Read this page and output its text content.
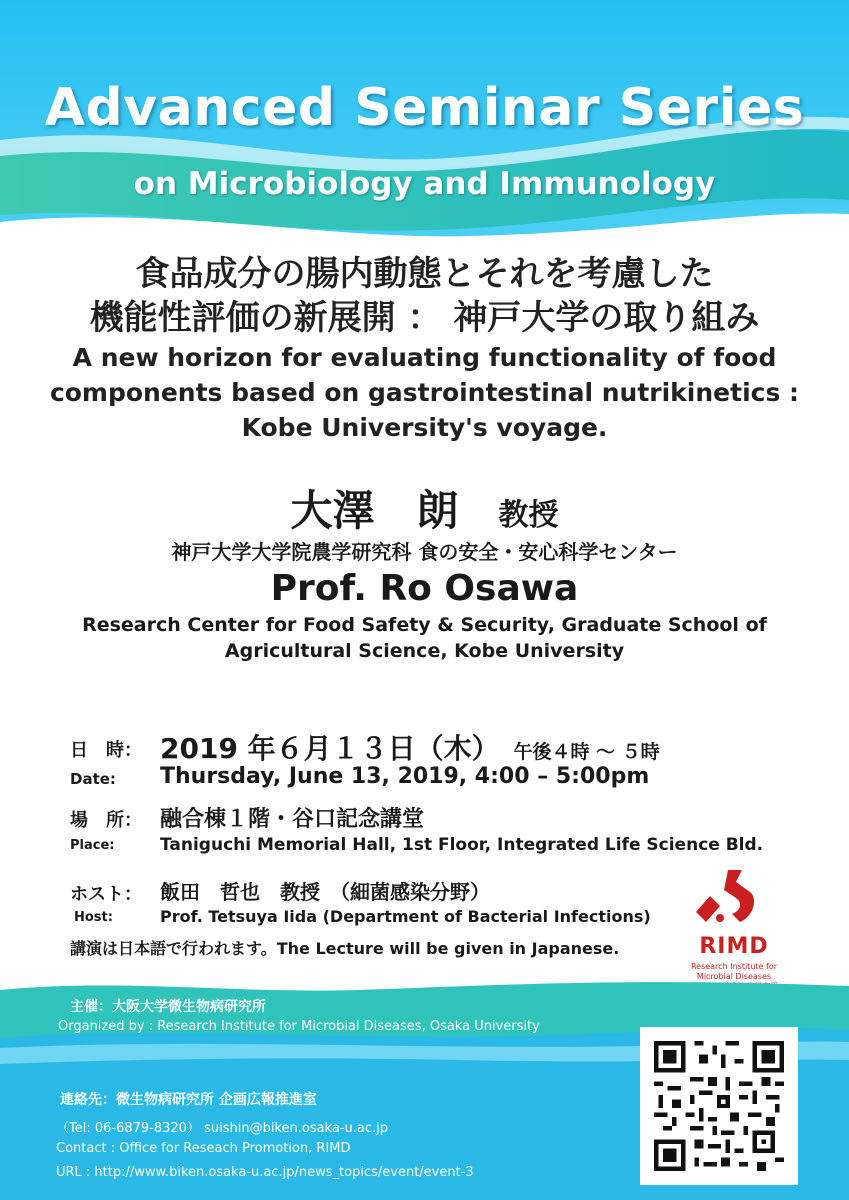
Advanced Seminar Series
on Microbiology and Immunology
食品成分の腸内動態とそれを考慮した
機能性評価の新展開 ： 神戸大学の取り組み
A new horizon for evaluating functionality of food
components based on gastrointestinal nutrikinetics :
Kobe University's voyage.
大澤　朗 教授
神戸大学大学院農学研究科 食の安全・安心科学センター
Prof. Ro Osawa
Research Center for Food Safety & Security, Graduate School of
Agricultural Science, Kobe University
日　時： 2019 年６月１３日（木） 午後４時 ～ ５時
Date: Thursday, June 13, 2019, 4:00 – 5:00pm
場　所： 融合棟１階・谷口記念講堂
Place:	Taniguchi Memorial Hall, 1st Floor, Integrated Life Science Bld.
ホスト： 飯田　哲也　教授　（細菌感染分野）
Host:	Prof. Tetsuya Iida (Department of Bacterial Infections)
講演は日本語で行われます。The Lecture will be given in Japanese.	RIMD
Research Institute for
Microbial Diseases
主催：大阪大学微生物病研究所
Organized by : Research Institute for Microbial Diseases, Osaka University
連絡先：微生物病研究所 企画広報推進室
（Tel: 06-6879-8320） suishin@biken.osaka-u.ac.jp
Contact : Office for Reseach Promotion, RIMD
URL : http://www.biken.osaka-u.ac.jp/news_topics/event/event-3
